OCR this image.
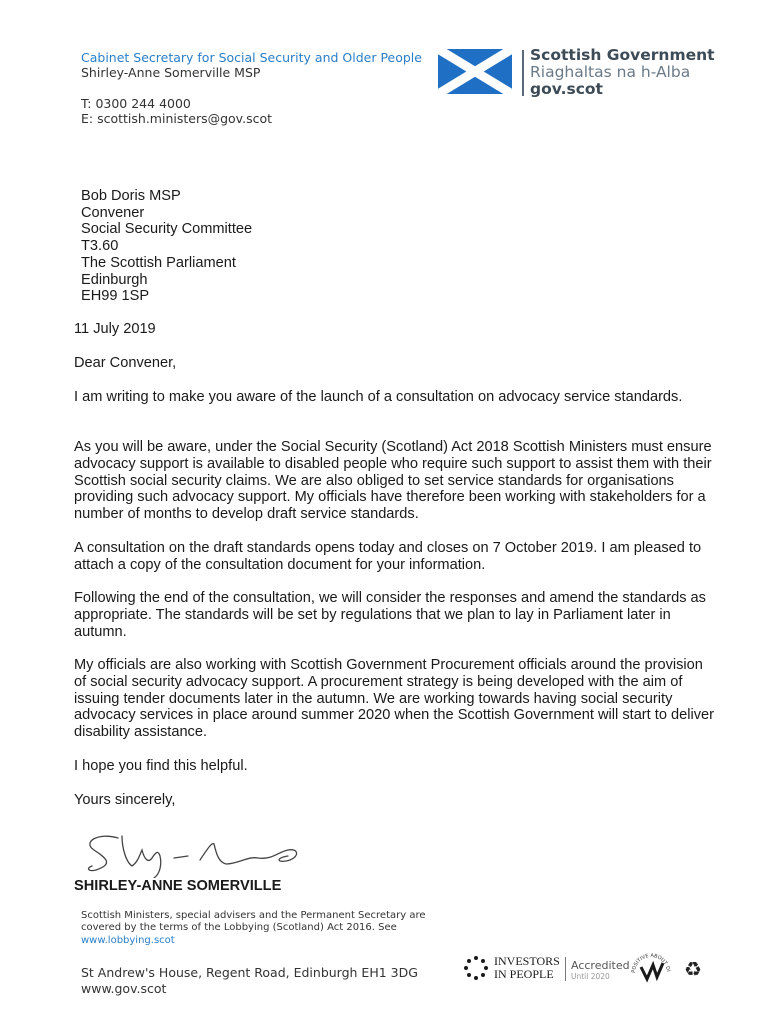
Cabinet Secretary for Social Security and Older People
Shirley-Anne Somerville MSP
T: 0300 244 4000
E: scottish.ministers@gov.scot
Scottish Government
Riaghaltas na h-Alba
gov.scot
Bob Doris MSP
Convener
Social Security Committee
T3.60
The Scottish Parliament
Edinburgh
EH99 1SP
11 July 2019
Dear Convener,

I am writing to make you aware of the launch of a consultation on advocacy service standards.

As you will be aware, under the Social Security (Scotland) Act 2018 Scottish Ministers must ensure advocacy support is available to disabled people who require such support to assist them with their Scottish social security claims. We are also obliged to set service standards for organisations providing such advocacy support. My officials have therefore been working with stakeholders for a number of months to develop draft service standards.

A consultation on the draft standards opens today and closes on 7 October 2019. I am pleased to attach a copy of the consultation document for your information.

Following the end of the consultation, we will consider the responses and amend the standards as appropriate. The standards will be set by regulations that we plan to lay in Parliament later in autumn.

My officials are also working with Scottish Government Procurement officials around the provision of social security advocacy support. A procurement strategy is being developed with the aim of issuing tender documents later in the autumn. We are working towards having social security advocacy services in place around summer 2020 when the Scottish Government will start to deliver disability assistance.

I hope you find this helpful.

Yours sincerely,
SHIRLEY-ANNE SOMERVILLE
Scottish Ministers, special advisers and the Permanent Secretary are
covered by the terms of the Lobbying (Scotland) Act 2016. See
www.lobbying.scot
St Andrew's House, Regent Road, Edinburgh EH1 3DG
www.gov.scot
INVESTORS
IN PEOPLE
Accredited
Until 2020
POSITIVE ABOUT DI ♻
